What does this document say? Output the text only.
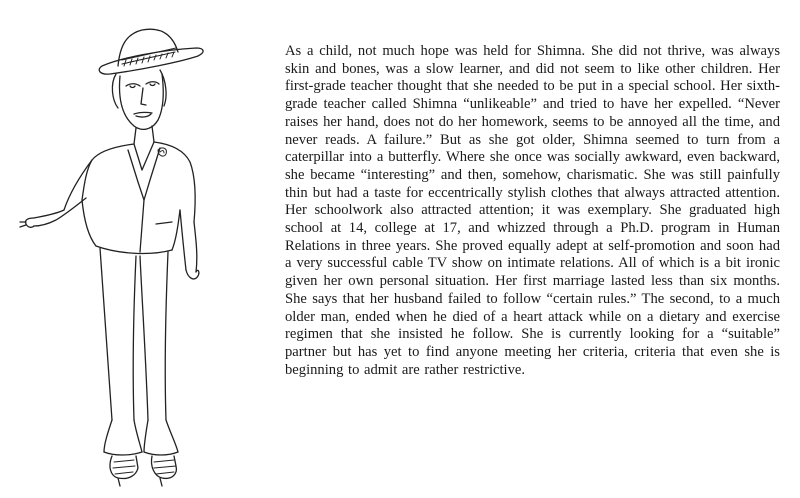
As a child, not much hope was held for Shimna. She did not thrive, was always skin and bones, was a slow learner, and did not seem to like other children. Her first-grade teacher thought that she needed to be put in a special school. Her sixth-grade teacher called Shimna “unlikeable” and tried to have her expelled. “Never raises her hand, does not do her homework, seems to be annoyed all the time, and never reads. A failure.” But as she got older, Shimna seemed to turn from a caterpillar into a butterfly. Where she once was socially awkward, even backward, she became “interesting” and then, somehow, charismatic. She was still painfully thin but had a taste for eccentrically stylish clothes that always attracted attention. Her schoolwork also attracted attention; it was exemplary. She graduated high school at 14, college at 17, and whizzed through a Ph.D. program in Human Relations in three years. She proved equally adept at self-promotion and soon had a very successful cable TV show on intimate relations. All of which is a bit ironic given her own personal situation. Her first marriage lasted less than six months. She says that her husband failed to follow “certain rules.” The second, to a much older man, ended when he died of a heart attack while on a dietary and exercise regimen that she insisted he follow. She is currently looking for a “suitable” partner but has yet to find anyone meeting her criteria, criteria that even she is beginning to admit are rather restrictive.
